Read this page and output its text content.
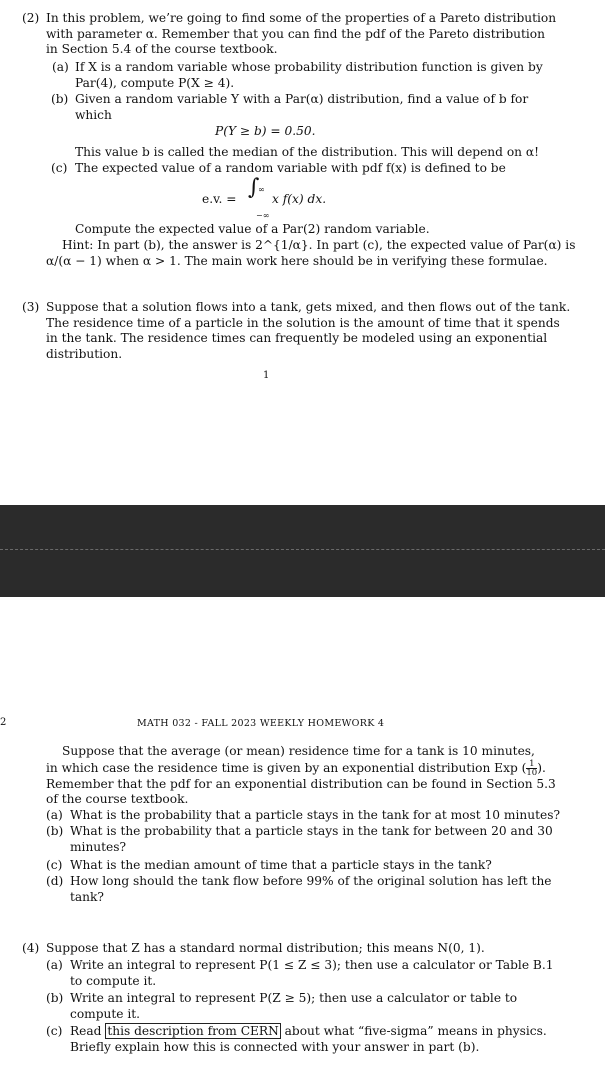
(2) In this problem, we’re going to find some of the properties of a Pareto distribution
with parameter α. Remember that you can find the pdf of the Pareto distribution
in Section 5.4 of the course textbook.
(a) If X is a random variable whose probability distribution function is given by
Par(4), compute P(X ≥ 4).
(b) Given a random variable Y with a Par(α) distribution, find a value of b for
which
P(Y ≥ b) = 0.50.
This value b is called the median of the distribution. This will depend on α!
(c) The expected value of a random variable with pdf f(x) is defined to be
e.v. = ∫
∞
−∞
x f(x) dx.
Compute the expected value of a Par(2) random variable.
Hint: In part (b), the answer is 2^{1/α}. In part (c), the expected value of Par(α) is
α/(α − 1) when α > 1. The main work here should be in verifying these formulae.
(3) Suppose that a solution flows into a tank, gets mixed, and then flows out of the tank.
The residence time of a particle in the solution is the amount of time that it spends
in the tank. The residence times can frequently be modeled using an exponential
distribution.
1
2	MATH 032 - FALL 2023 WEEKLY HOMEWORK 4
Suppose that the average (or mean) residence time for a tank is 10 minutes,
in which case the residence time is given by an exponential distribution Exp ( $\frac{1}{10}$ ).
Remember that the pdf for an exponential distribution can be found in Section 5.3
of the course textbook.
(a) What is the probability that a particle stays in the tank for at most 10 minutes?
(b) What is the probability that a particle stays in the tank for between 20 and 30
minutes?
(c) What is the median amount of time that a particle stays in the tank?
(d) How long should the tank flow before 99% of the original solution has left the
tank?
(4) Suppose that Z has a standard normal distribution; this means N(0, 1).
(a) Write an integral to represent P(1 ≤ Z ≤ 3); then use a calculator or Table B.1
to compute it.
(b) Write an integral to represent P(Z ≥ 5); then use a calculator or table to
compute it.
(c) Read this description from CERN about what “five-sigma” means in physics.
Briefly explain how this is connected with your answer in part (b).
